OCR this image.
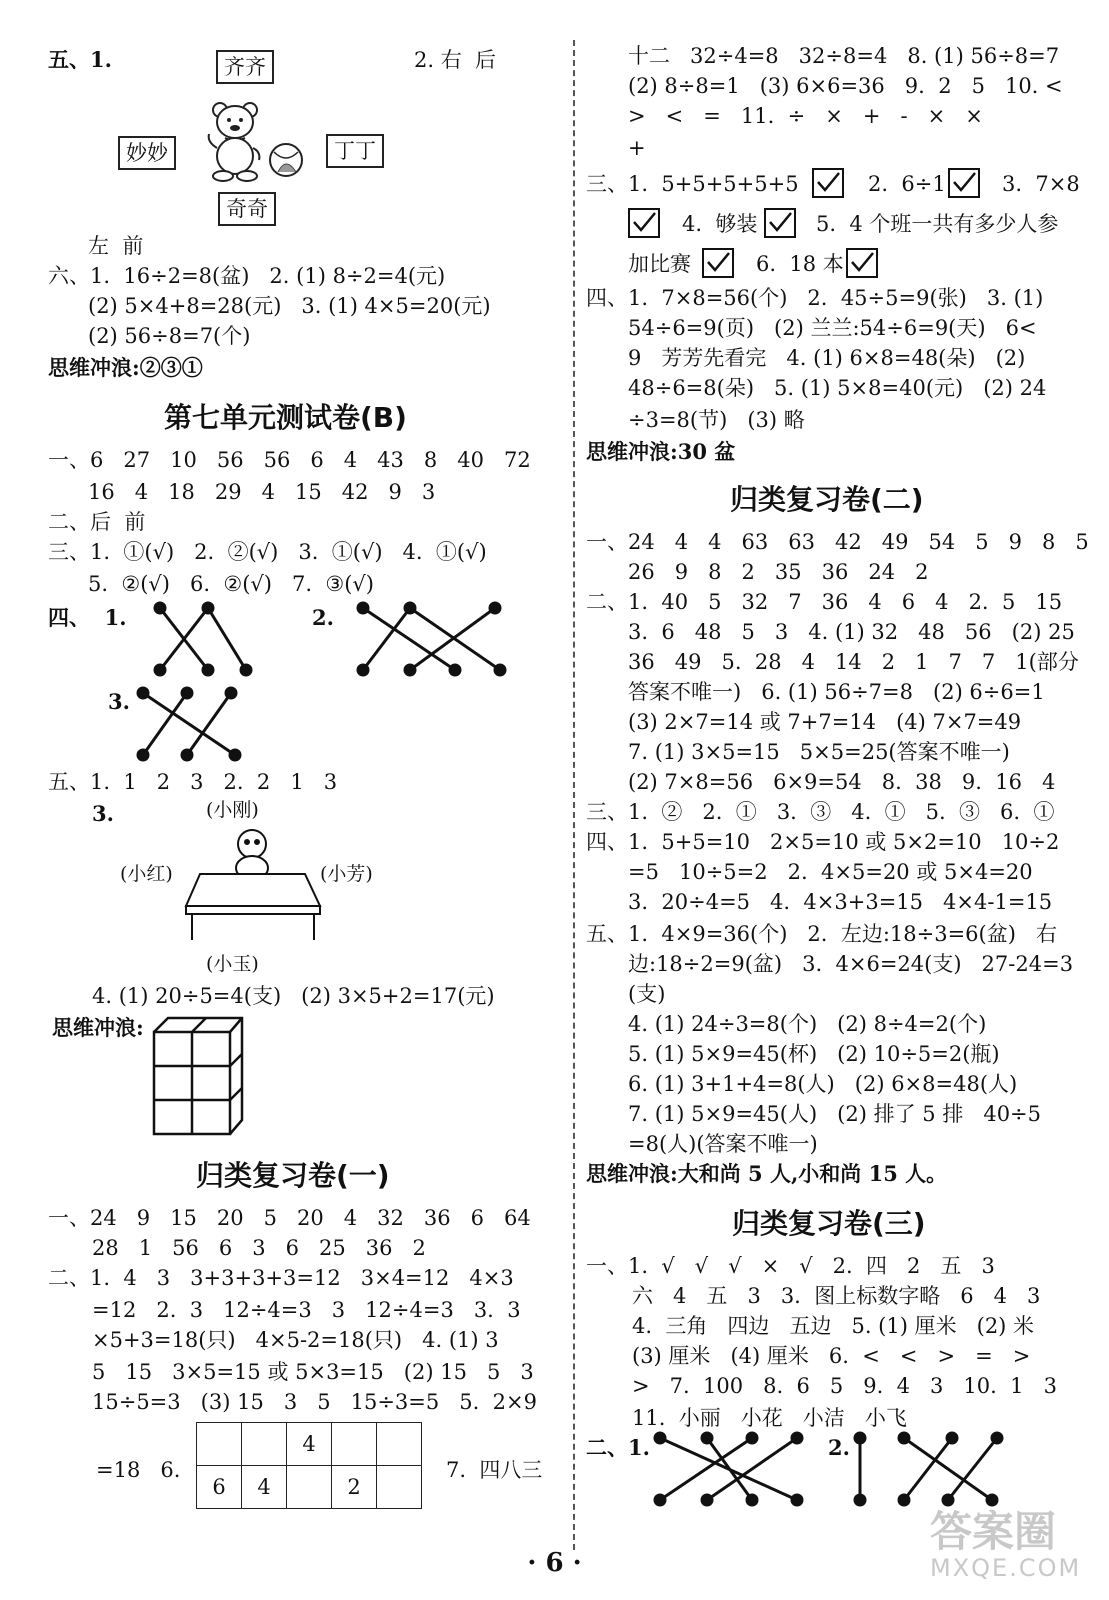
五、1.	齐齐	2. 右  后
妙妙	丁丁
奇奇
左  前
六、1.  16÷2=8(盆)   2. (1) 8÷2=4(元)
(2) 5×4+8=28(元)   3. (1) 4×5=20(元)
(2) 56÷8=7(个)
思维冲浪:②③①
第七单元测试卷(B)
一、6   27   10   56   56   6   4   43   8   40   72
16   4   18   29   4   15   42   9   3
二、后  前
三、1.  ①(√)   2.  ②(√)   3.  ①(√)   4.  ①(√)
5.  ②(√)   6.  ②(√)   7.  ③(√)
四、  1.	2.
3.
五、1.  1   2   3   2.  2   1   3
3.	(小刚)
(小红)	(小芳)
(小玉)
4. (1) 20÷5=4(支)   (2) 3×5+2=17(元)
思维冲浪:
归类复习卷(一)
一、24   9   15   20   5   20   4   32   36   6   64
28   1   56   6   3   6   25   36   2
二、1.  4   3   3+3+3+3=12   3×4=12   4×3
=12   2.  3   12÷4=3   3   12÷4=3   3.  3
×5+3=18(只)   4×5-2=18(只)   4. (1) 3
5   15   3×5=15 或 5×3=15   (2) 15   5   3
15÷5=3   (3) 15   3   5   15÷3=5   5.  2×9
=18   6.
		4		
6	4		2	
7.  四八三
十二   32÷4=8   32÷8=4   8. (1) 56÷8=7
(2) 8÷8=1   (3) 6×6=36   9.  2   5   10. <
>   <   =   11.  ÷   ×   +   -   ×   ×
+
三、1.  5+5+5+5+5	2.  6÷1	3.  7×8
4.  够装	5.  4 个班一共有多少人参
加比赛	6.  18 本
四、1.  7×8=56(个)   2.  45÷5=9(张)   3. (1)
54÷6=9(页)   (2) 兰兰:54÷6=9(天)   6<
9   芳芳先看完   4. (1) 6×8=48(朵)   (2)
48÷6=8(朵)   5. (1) 5×8=40(元)   (2) 24
÷3=8(节)   (3) 略
思维冲浪:30 盆
归类复习卷(二)
一、24   4   4   63   63   42   49   54   5   9   8   5
26   9   8   2   35   36   24   2
二、1.  40   5   32   7   36   4   6   4   2.  5   15
3.  6   48   5   3   4. (1) 32   48   56   (2) 25
36   49   5.  28   4   14   2   1   7   7   1(部分
答案不唯一)   6. (1) 56÷7=8   (2) 6÷6=1
(3) 2×7=14 或 7+7=14   (4) 7×7=49
7. (1) 3×5=15   5×5=25(答案不唯一)
(2) 7×8=56   6×9=54   8.  38   9.  16   4
三、1.  ②   2.  ①   3.  ③   4.  ①   5.  ③   6.  ①
四、1.  5+5=10   2×5=10 或 5×2=10   10÷2
=5   10÷5=2   2.  4×5=20 或 5×4=20
3.  20÷4=5   4.  4×3+3=15   4×4-1=15
五、1.  4×9=36(个)   2.  左边:18÷3=6(盆)   右
边:18÷2=9(盆)   3.  4×6=24(支)   27-24=3
(支)
4. (1) 24÷3=8(个)   (2) 8÷4=2(个)
5. (1) 5×9=45(杯)   (2) 10÷5=2(瓶)
6. (1) 3+1+4=8(人)   (2) 6×8=48(人)
7. (1) 5×9=45(人)   (2) 排了 5 排   40÷5
=8(人)(答案不唯一)
思维冲浪:大和尚 5 人,小和尚 15 人。
归类复习卷(三)
一、1.  √   √   √   ×   √   2.  四   2   五   3
六   4   五   3   3.  图上标数字略   6   4   3
4.  三角   四边   五边   5. (1) 厘米   (2) 米
(3) 厘米   (4) 厘米   6.  <   <   >   =   >
>   7.  100   8.  6   5   9.  4   3   10.  1   3
11.  小丽   小花   小洁   小飞
二、1.	2.
· 6 ·
答案圈
MXQE.COM
